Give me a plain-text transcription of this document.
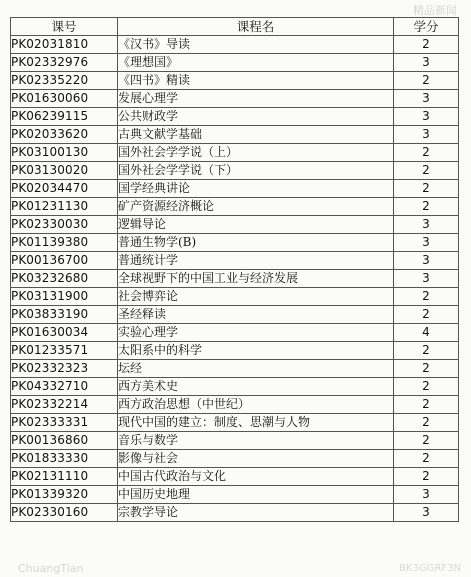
精品新闻
课号	课程名	学分
PK02031810	《汉书》导读	2
PK02332976	《理想国》	3
PK02335220	《四书》精读	2
PK01630060	发展心理学	3
PK06239115	公共财政学	3
PK02033620	古典文献学基础	3
PK03100130	国外社会学学说（上）	2
PK03130020	国外社会学学说（下）	2
PK02034470	国学经典讲论	2
PK01231130	矿产资源经济概论	2
PK02330030	逻辑导论	3
PK01139380	普通生物学(B)	3
PK00136700	普通统计学	3
PK03232680	全球视野下的中国工业与经济发展	3
PK03131900	社会博弈论	2
PK03833190	圣经释读	2
PK01630034	实验心理学	4
PK01233571	太阳系中的科学	2
PK02332323	坛经	2
PK04332710	西方美术史	2
PK02332214	西方政治思想（中世纪）	2
PK02333331	现代中国的建立：制度、思潮与人物	2
PK00136860	音乐与数学	2
PK01833330	影像与社会	2
PK02131110	中国古代政治与文化	2
PK01339320	中国历史地理	3
PK02330160	宗教学导论	3
ChuangTian	BK3GGRF3N
